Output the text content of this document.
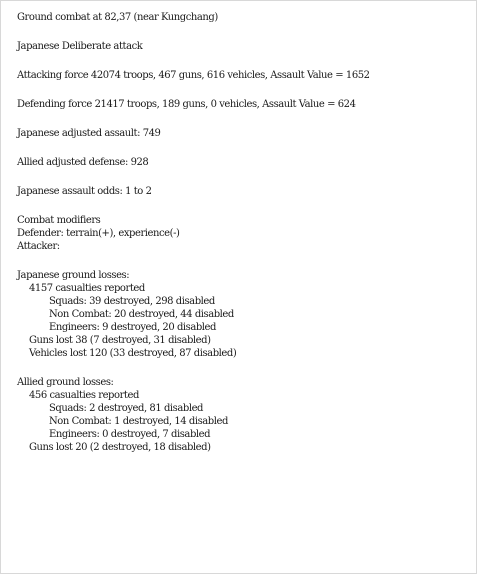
Ground combat at 82,37 (near Kungchang)
Japanese Deliberate attack
Attacking force 42074 troops, 467 guns, 616 vehicles, Assault Value = 1652
Defending force 21417 troops, 189 guns, 0 vehicles, Assault Value = 624
Japanese adjusted assault: 749
Allied adjusted defense: 928
Japanese assault odds: 1 to 2
Combat modifiers
Defender: terrain(+), experience(-)
Attacker:
Japanese ground losses:
4157 casualties reported
Squads: 39 destroyed, 298 disabled
Non Combat: 20 destroyed, 44 disabled
Engineers: 9 destroyed, 20 disabled
Guns lost 38 (7 destroyed, 31 disabled)
Vehicles lost 120 (33 destroyed, 87 disabled)
Allied ground losses:
456 casualties reported
Squads: 2 destroyed, 81 disabled
Non Combat: 1 destroyed, 14 disabled
Engineers: 0 destroyed, 7 disabled
Guns lost 20 (2 destroyed, 18 disabled)
